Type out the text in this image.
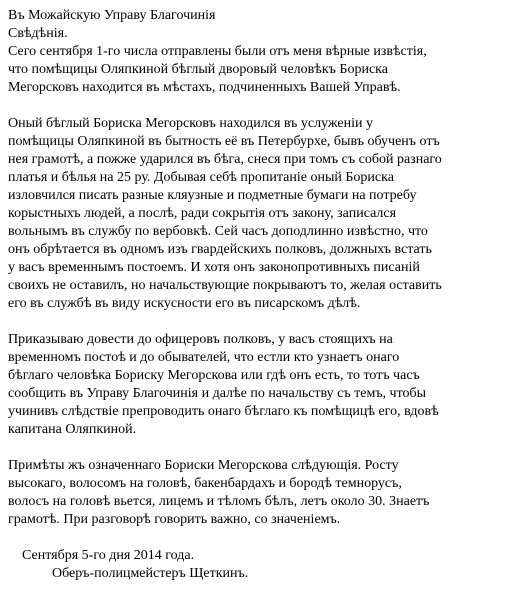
Въ Можайскую Управу Благочинія
Свѣдѣнія.
Сего сентября 1-го числа отправлены были отъ меня вѣрные извѣстія,
что помѣщицы Оляпкиной бѣглый дворовый человѣкъ Бориска
Мегорсковъ находится въ мѣстахъ, подчиненныхъ Вашей Управѣ.
Оный бѣглый Бориска Мегорсковъ находился въ услуженіи у
помѣщицы Оляпкиной въ бытность её въ Петербурхе, бывъ обученъ отъ
нея грамотѣ, а пожже ударился въ бѣга, снеся при томъ съ собой разнаго
платья и бѣлья на 25 ру. Добывая себѣ пропитаніе оный Бориска
изловчился писать разные кляузные и подметные бумаги на потребу
корыстныхъ людей, а послѣ, ради сокрытія отъ закону, записался
вольнымъ въ службу по вербовкѣ. Сей часъ доподлинно извѣстно, что
онъ обрѣтается въ одномъ изъ гвардейскихъ полковъ, должныхъ встать
у васъ временнымъ постоемъ. И хотя онъ законопротивныхъ писаній
своихъ не оставилъ, но начальствующие покрываютъ то, желая оставить
его въ службѣ въ виду искусности его въ писарскомъ дѣлѣ.
Приказываю довести до офицеровъ полковъ, у васъ стоящихъ на
временномъ постоѣ и до обывателей, что естли кто узнаетъ онаго
бѣглаго человѣка Бориску Мегорскова или гдѣ онъ есть, то тотъ часъ
сообщить въ Управу Благочинія и далѣе по начальству съ темъ, чтобы
учинивъ слѣдствіе препроводить онаго бѣглаго къ помѣщицѣ его, вдовѣ
капитана Оляпкиной.
Примѣты жъ означеннаго Бориски Мегорскова слѣдующія. Росту
высокаго, волосомъ на головѣ, бакенбардахъ и бородѣ темнорусъ,
волосъ на головѣ вьется, лицемъ и тѣломъ бѣлъ, летъ около 30. Знаетъ
грамотѣ. При разговорѣ говорить важно, со значеніемъ.
Сентября 5-го дня 2014 года.
Оберъ-полицмейстеръ Щеткинъ.
